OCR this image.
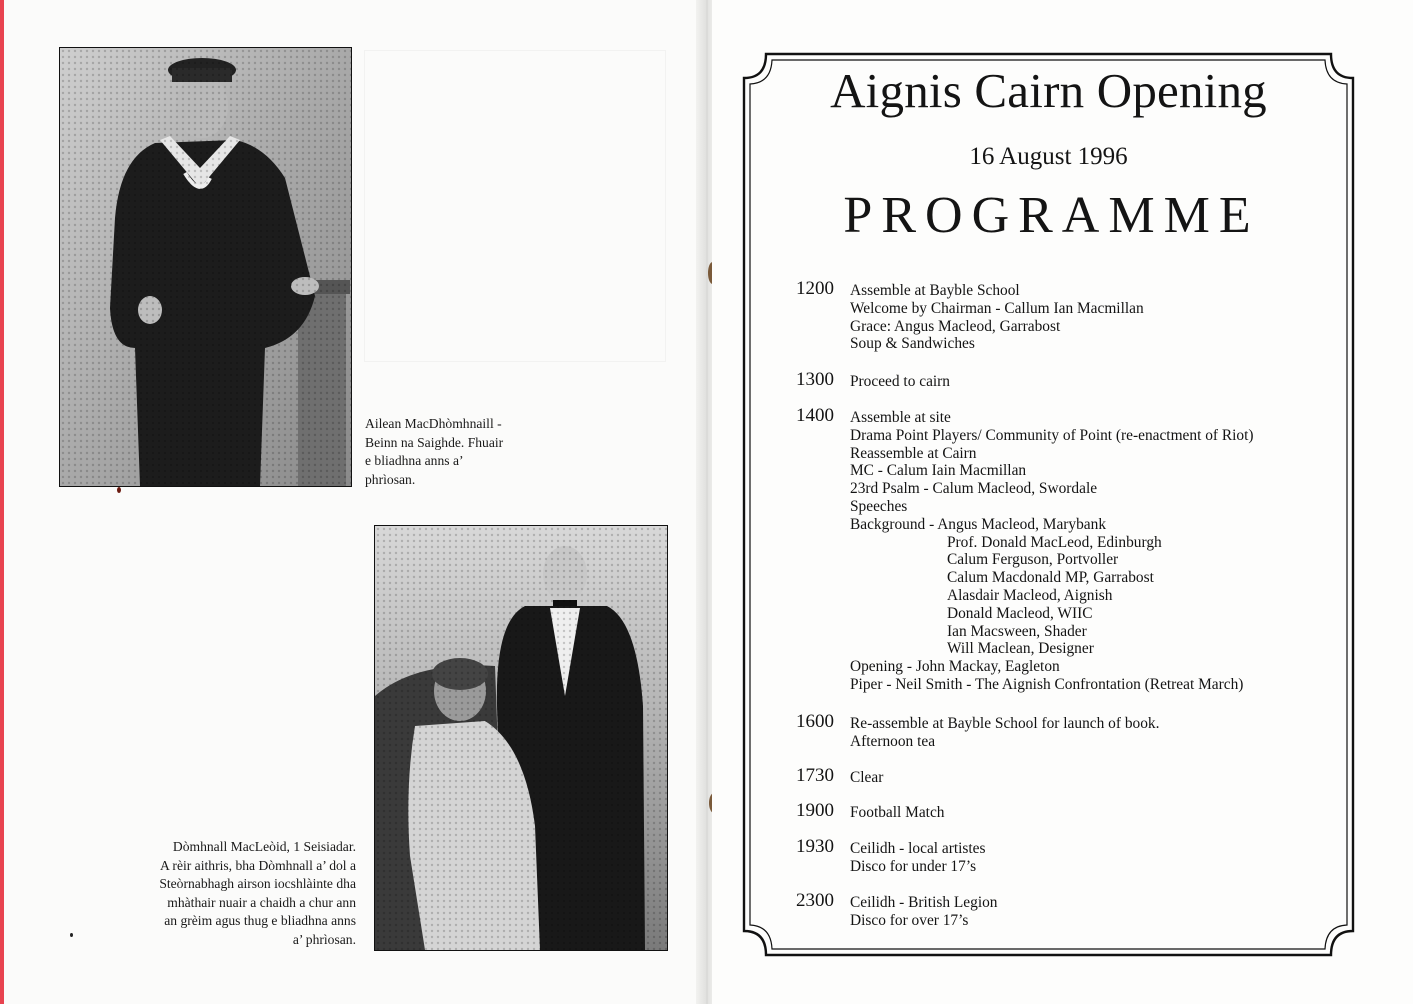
Ailean MacDhòmhnaill -
Beinn na Saighde. Fhuair
e bliadhna anns a’
phrìosan.
Dòmhnall MacLeòid, 1 Seisiadar.
A rèir aithris, bha Dòmhnall a’ dol a
Steòrnabhagh airson iocshlàinte dha
mhàthair nuair a chaidh a chur ann
an grèim agus thug e bliadhna anns
a’ phrìosan.
Aignis Cairn Opening
16 August 1996
PROGRAMME
1200 Assemble at Bayble School
Welcome by Chairman - Callum Ian Macmillan
Grace: Angus Macleod, Garrabost
Soup & Sandwiches
1300 Proceed to cairn
1400 Assemble at site
Drama Point Players/ Community of Point (re-enactment of Riot)
Reassemble at Cairn
MC - Calum Iain Macmillan
23rd Psalm - Calum Macleod, Swordale
Speeches
Background - Angus Macleod, Marybank
Prof. Donald MacLeod, Edinburgh
Calum Ferguson, Portvoller
Calum Macdonald MP, Garrabost
Alasdair Macleod, Aignish
Donald Macleod, WIIC
Ian Macsween, Shader
Will Maclean, Designer
Opening - John Mackay, Eagleton
Piper - Neil Smith - The Aignish Confrontation (Retreat March)
1600 Re-assemble at Bayble School for launch of book.
Afternoon tea
1730 Clear
1900 Football Match
1930 Ceilidh - local artistes
Disco for under 17’s
2300 Ceilidh - British Legion
Disco for over 17’s
